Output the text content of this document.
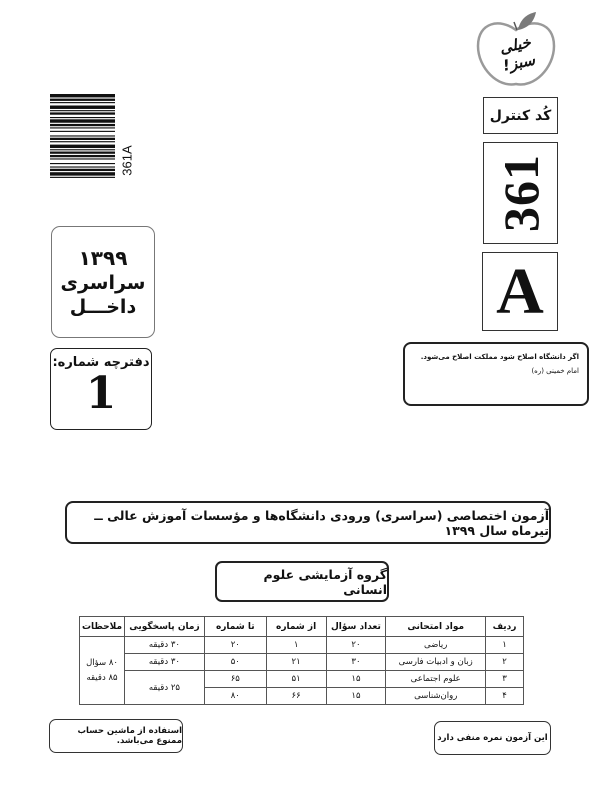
خیلی سبز!
کُد کنترل
361
A
361A
۱۳۹۹
سراسری
داخـــل
دفترچه شماره:
1
اگر دانشگاه اصلاح شود مملکت اصلاح می‌شود.
امام خمینی (ره)
آزمون اختصاصی (سراسری) ورودی دانشگاه‌ها و مؤسسات آموزش عالی ــ تیرماه سال ۱۳۹۹
گروه آزمایشی علوم انسانی
ردیف	مواد امتحانی	تعداد سؤال	از شماره	تا شماره	زمان پاسخگویی	ملاحظات
۱	ریاضی	۲۰	۱	۲۰	۳۰ دقیقه	۸۰ سؤال
۸۵ دقیقه

۲	زبان و ادبیات فارسی	۳۰	۲۱	۵۰	۳۰ دقیقه	
۳	علوم اجتماعی	۱۵	۵۱	۶۵	۲۵ دقیقه	
۴	روان‌شناسی	۱۵	۶۶	۸۰		
استفاده از ماشین حساب ممنوع می‌باشد.	این آزمون نمره منفی دارد
